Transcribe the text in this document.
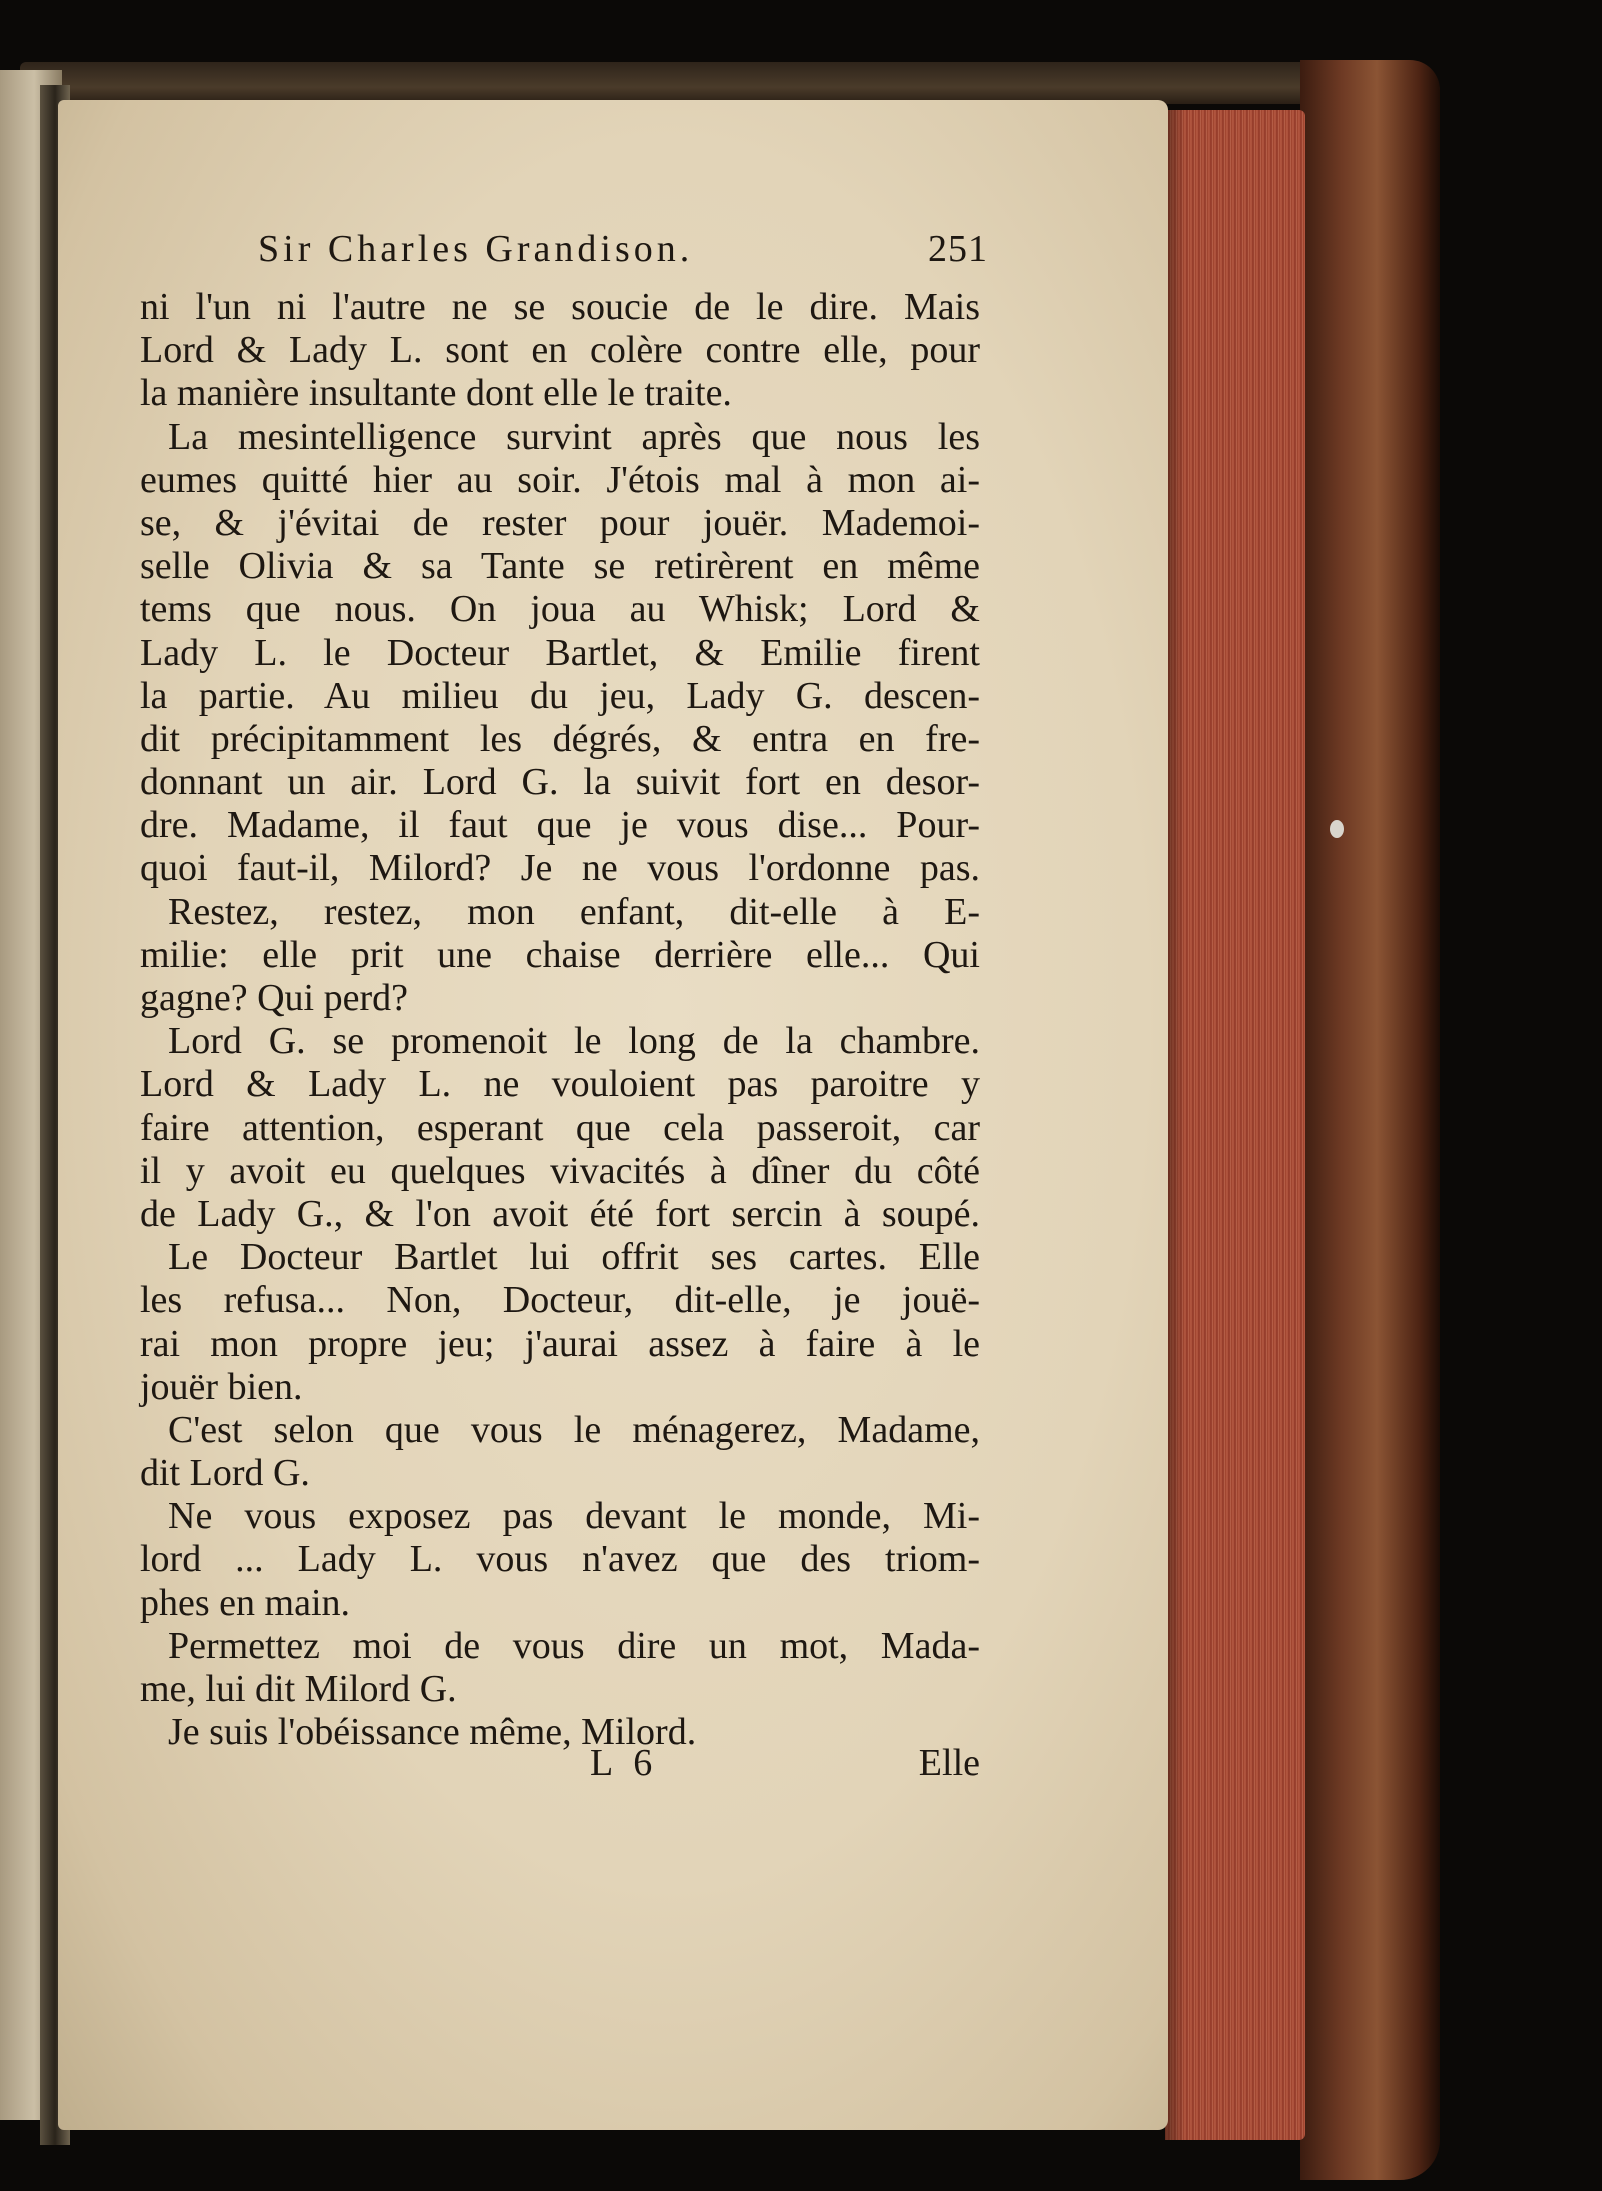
Sir Charles Grandison.	251
ni l'un ni l'autre ne se soucie de le dire. Mais
Lord & Lady L. sont en colère contre elle, pour
la manière insultante dont elle le traite.
La mesintelligence survint après que nous les
eumes quitté hier au soir. J'étois mal à mon ai-
se, & j'évitai de rester pour jouër. Mademoi-
selle Olivia & sa Tante se retirèrent en même
tems que nous. On joua au Whisk; Lord &
Lady L. le Docteur Bartlet, & Emilie firent
la partie. Au milieu du jeu, Lady G. descen-
dit précipitamment les dégrés, & entra en fre-
donnant un air. Lord G. la suivit fort en desor-
dre. Madame, il faut que je vous dise... Pour-
quoi faut-il, Milord? Je ne vous l'ordonne pas.
Restez, restez, mon enfant, dit-elle à E-
milie: elle prit une chaise derrière elle... Qui
gagne? Qui perd?
Lord G. se promenoit le long de la chambre.
Lord & Lady L. ne vouloient pas paroitre y
faire attention, esperant que cela passeroit, car
il y avoit eu quelques vivacités à dîner du côté
de Lady G., & l'on avoit été fort sercin à soupé.
Le Docteur Bartlet lui offrit ses cartes. Elle
les refusa... Non, Docteur, dit-elle, je jouë-
rai mon propre jeu; j'aurai assez à faire à le
jouër bien.
C'est selon que vous le ménagerez, Madame,
dit Lord G.
Ne vous exposez pas devant le monde, Mi-
lord ... Lady L. vous n'avez que des triom-
phes en main.
Permettez moi de vous dire un mot, Mada-
me, lui dit Milord G.
Je suis l'obéissance même, Milord.
L 6	Elle
